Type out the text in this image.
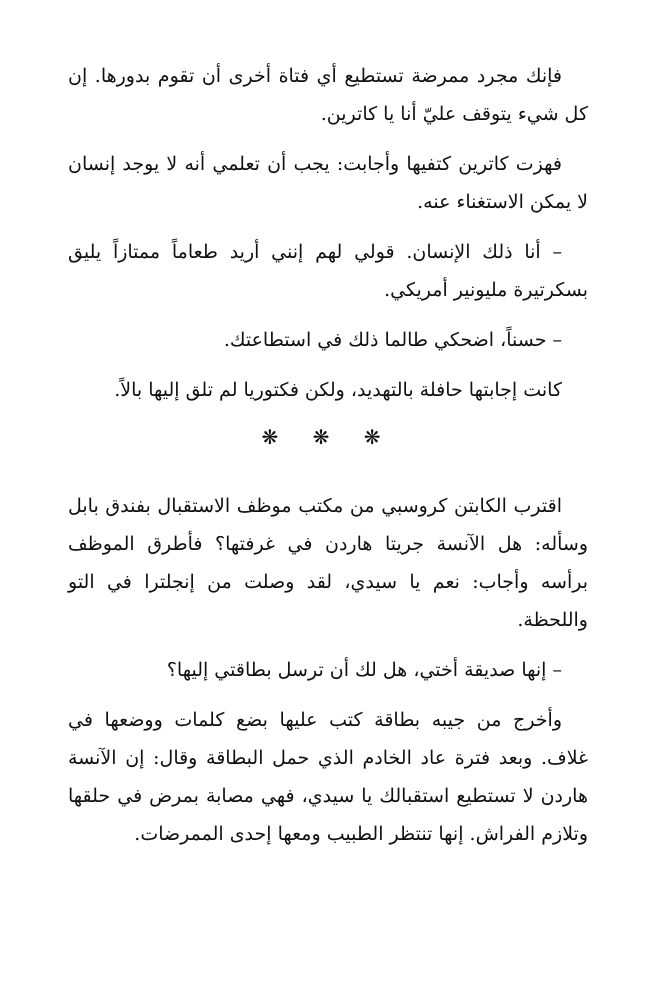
فإنك مجرد ممرضة تستطيع أي فتاة أخرى أن تقوم بدورها. إن كل شيء يتوقف عليّ أنا يا كاترين.

فهزت كاترين كتفيها وأجابت: يجب أن تعلمي أنه لا يوجد إنسان لا يمكن الاستغناء عنه.

– أنا ذلك الإنسان. قولي لهم إنني أريد طعاماً ممتازاً يليق بسكرتيرة مليونير أمريكي.

– حسناً، اضحكي طالما ذلك في استطاعتك.

كانت إجابتها حافلة بالتهديد، ولكن فكتوريا لم تلق إليها بالاً.

❋ ❋ ❋

اقترب الكابتن كروسبي من مكتب موظف الاستقبال بفندق بابل وسأله: هل الآنسة جريتا هاردن في غرفتها؟ فأطرق الموظف برأسه وأجاب: نعم يا سيدي، لقد وصلت من إنجلترا في التو واللحظة.

– إنها صديقة أختي، هل لك أن ترسل بطاقتي إليها؟

وأخرج من جيبه بطاقة كتب عليها بضع كلمات ووضعها في غلاف. وبعد فترة عاد الخادم الذي حمل البطاقة وقال: إن الآنسة هاردن لا تستطيع استقبالك يا سيدي، فهي مصابة بمرض في حلقها وتلازم الفراش. إنها تنتظر الطبيب ومعها إحدى الممرضات.
